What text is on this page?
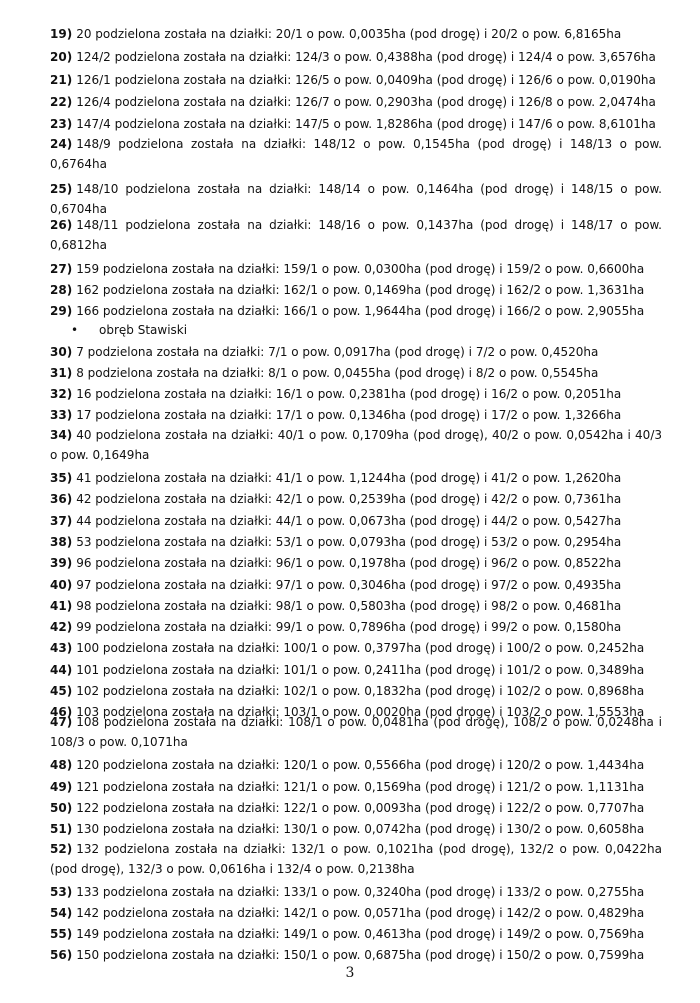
19) 20 podzielona została na działki: 20/1 o pow. 0,0035ha (pod drogę) i 20/2 o pow. 6,8165ha
20) 124/2 podzielona została na działki: 124/3 o pow. 0,4388ha (pod drogę) i 124/4 o pow. 3,6576ha
21) 126/1 podzielona została na działki: 126/5 o pow. 0,0409ha (pod drogę) i 126/6 o pow. 0,0190ha
22) 126/4 podzielona została na działki: 126/7 o pow. 0,2903ha (pod drogę) i 126/8 o pow. 2,0474ha
23) 147/4 podzielona została na działki: 147/5 o pow. 1,8286ha (pod drogę) i 147/6 o pow. 8,6101ha
24) 148/9 podzielona została na działki: 148/12 o pow. 0,1545ha (pod drogę) i 148/13 o pow. 0,6764ha
25) 148/10 podzielona została na działki: 148/14 o pow. 0,1464ha (pod drogę) i 148/15 o pow. 0,6704ha
26) 148/11 podzielona została na działki: 148/16 o pow. 0,1437ha (pod drogę) i 148/17 o pow. 0,6812ha
27) 159 podzielona została na działki: 159/1 o pow. 0,0300ha (pod drogę) i 159/2 o pow. 0,6600ha
28) 162 podzielona została na działki: 162/1 o pow. 0,1469ha (pod drogę) i 162/2 o pow. 1,3631ha
29) 166 podzielona została na działki: 166/1 o pow. 1,9644ha (pod drogę) i 166/2 o pow. 2,9055ha
• obręb Stawiski
30) 7 podzielona została na działki: 7/1 o pow. 0,0917ha (pod drogę) i 7/2 o pow. 0,4520ha
31) 8 podzielona została na działki: 8/1 o pow. 0,0455ha (pod drogę) i 8/2 o pow. 0,5545ha
32) 16 podzielona została na działki: 16/1 o pow. 0,2381ha (pod drogę) i 16/2 o pow. 0,2051ha
33) 17 podzielona została na działki: 17/1 o pow. 0,1346ha (pod drogę) i 17/2 o pow. 1,3266ha
34) 40 podzielona została na działki: 40/1 o pow. 0,1709ha (pod drogę), 40/2 o pow. 0,0542ha i 40/3 o pow. 0,1649ha
35) 41 podzielona została na działki: 41/1 o pow. 1,1244ha (pod drogę) i 41/2 o pow. 1,2620ha
36) 42 podzielona została na działki: 42/1 o pow. 0,2539ha (pod drogę) i 42/2 o pow. 0,7361ha
37) 44 podzielona została na działki: 44/1 o pow. 0,0673ha (pod drogę) i 44/2 o pow. 0,5427ha
38) 53 podzielona została na działki: 53/1 o pow. 0,0793ha (pod drogę) i 53/2 o pow. 0,2954ha
39) 96 podzielona została na działki: 96/1 o pow. 0,1978ha (pod drogę) i 96/2 o pow. 0,8522ha
40) 97 podzielona została na działki: 97/1 o pow. 0,3046ha (pod drogę) i 97/2 o pow. 0,4935ha
41) 98 podzielona została na działki: 98/1 o pow. 0,5803ha (pod drogę) i 98/2 o pow. 0,4681ha
42) 99 podzielona została na działki: 99/1 o pow. 0,7896ha (pod drogę) i 99/2 o pow. 0,1580ha
43) 100 podzielona została na działki: 100/1 o pow. 0,3797ha (pod drogę) i 100/2 o pow. 0,2452ha
44) 101 podzielona została na działki: 101/1 o pow. 0,2411ha (pod drogę) i 101/2 o pow. 0,3489ha
45) 102 podzielona została na działki: 102/1 o pow. 0,1832ha (pod drogę) i 102/2 o pow. 0,8968ha
46) 103 podzielona została na działki: 103/1 o pow. 0,0020ha (pod drogę) i 103/2 o pow. 1,5553ha
47) 108 podzielona została na działki: 108/1 o pow. 0,0481ha (pod drogę), 108/2 o pow. 0,0248ha i 108/3 o pow. 0,1071ha
48) 120 podzielona została na działki: 120/1 o pow. 0,5566ha (pod drogę) i 120/2 o pow. 1,4434ha
49) 121 podzielona została na działki: 121/1 o pow. 0,1569ha (pod drogę) i 121/2 o pow. 1,1131ha
50) 122 podzielona została na działki: 122/1 o pow. 0,0093ha (pod drogę) i 122/2 o pow. 0,7707ha
51) 130 podzielona została na działki: 130/1 o pow. 0,0742ha (pod drogę) i 130/2 o pow. 0,6058ha
52) 132 podzielona została na działki: 132/1 o pow. 0,1021ha (pod drogę), 132/2 o pow. 0,0422ha (pod drogę), 132/3 o pow. 0,0616ha i 132/4 o pow. 0,2138ha
53) 133 podzielona została na działki: 133/1 o pow. 0,3240ha (pod drogę) i 133/2 o pow. 0,2755ha
54) 142 podzielona została na działki: 142/1 o pow. 0,0571ha (pod drogę) i 142/2 o pow. 0,4829ha
55) 149 podzielona została na działki: 149/1 o pow. 0,4613ha (pod drogę) i 149/2 o pow. 0,7569ha
56) 150 podzielona została na działki: 150/1 o pow. 0,6875ha (pod drogę) i 150/2 o pow. 0,7599ha
3
